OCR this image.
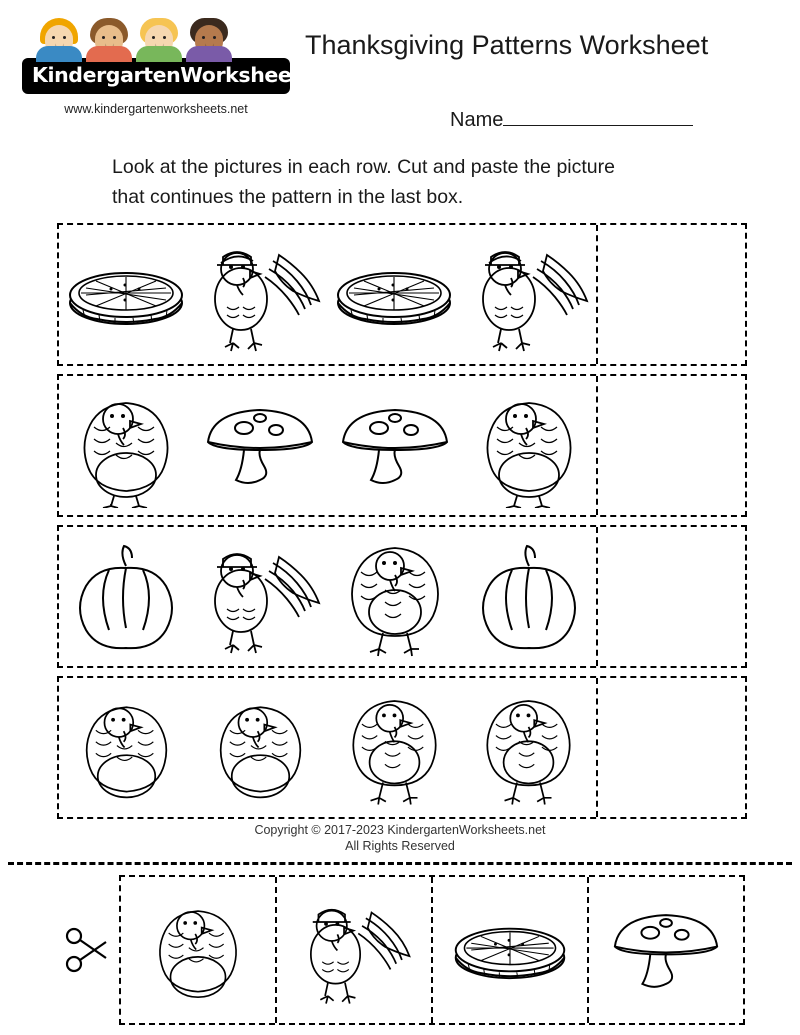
KindergartenWorksheets.net
www.kindergartenworksheets.net
Thanksgiving Patterns Worksheet
Name
Look at the pictures in each row. Cut and paste the picture
that continues the pattern in the last box.
Copyright © 2017-2023 KindergartenWorksheets.net
All Rights Reserved
